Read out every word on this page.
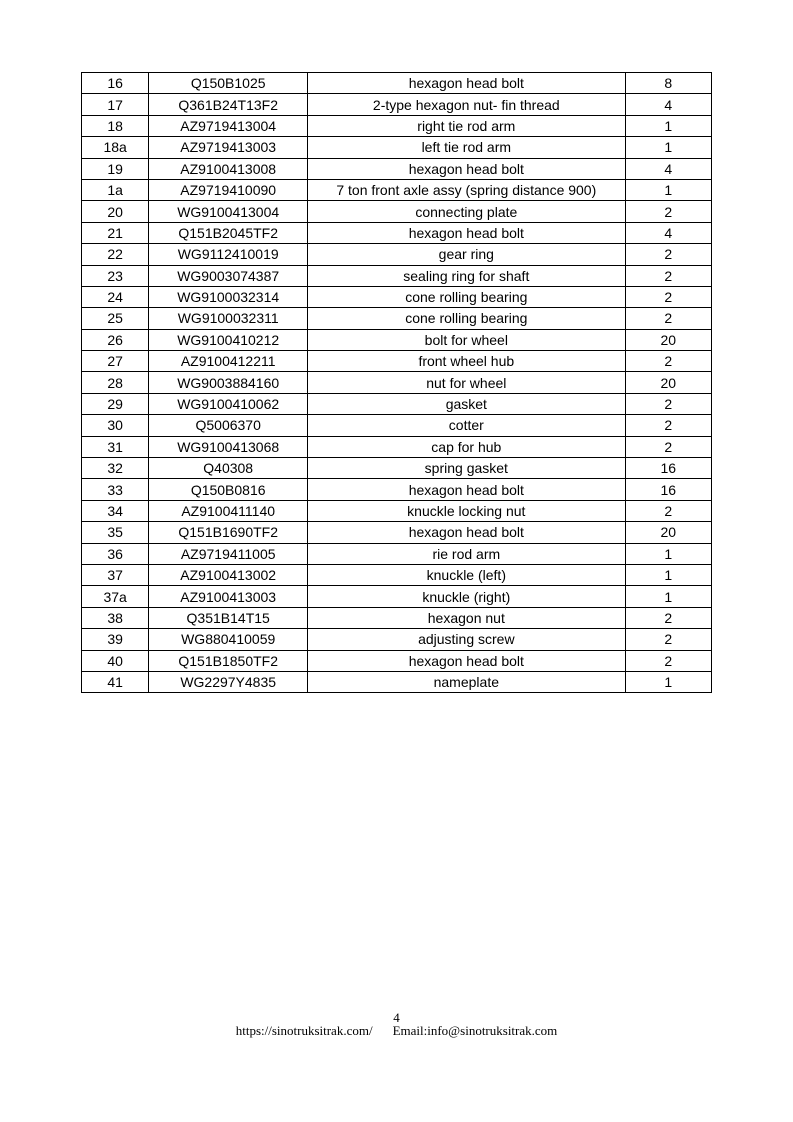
16	Q150B1025	hexagon head bolt	8
17	Q361B24T13F2	2-type hexagon nut- fin thread	4
18	AZ9719413004	right tie rod arm	1
18a	AZ9719413003	left tie rod arm	1
19	AZ9100413008	hexagon head bolt	4
1a	AZ9719410090	7 ton front axle assy (spring distance 900)	1
20	WG9100413004	connecting plate	2
21	Q151B2045TF2	hexagon head bolt	4
22	WG9112410019	gear ring	2
23	WG9003074387	sealing ring for shaft	2
24	WG9100032314	cone rolling bearing	2
25	WG9100032311	cone rolling bearing	2
26	WG9100410212	bolt for wheel	20
27	AZ9100412211	front wheel hub	2
28	WG9003884160	nut for wheel	20
29	WG9100410062	gasket	2
30	Q5006370	cotter	2
31	WG9100413068	cap for hub	2
32	Q40308	spring gasket	16
33	Q150B0816	hexagon head bolt	16
34	AZ9100411140	knuckle locking nut	2
35	Q151B1690TF2	hexagon head bolt	20
36	AZ9719411005	rie rod arm	1
37	AZ9100413002	knuckle (left)	1
37a	AZ9100413003	knuckle (right)	1
38	Q351B14T15	hexagon nut	2
39	WG880410059	adjusting screw	2
40	Q151B1850TF2	hexagon head bolt	2
41	WG2297Y4835	nameplate	1
4
https://sinotruksitrak.com/ Email:info@sinotruksitrak.com
